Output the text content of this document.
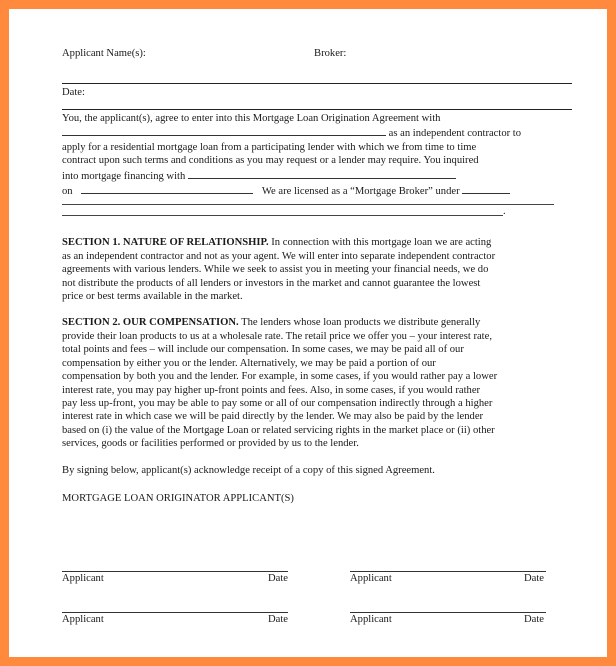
Applicant Name(s):	Broker:
Date:
You, the applicant(s), agree to enter into this Mortgage Loan Origination Agreement with
as an independent contractor to
apply for a residential mortgage loan from a participating lender with which we from time to time
contract upon such terms and conditions as you may request or a lender may require. You inquired
into mortgage financing with
on	We are licensed as a “Mortgage Broker” under
.
SECTION 1. NATURE OF RELATIONSHIP. In connection with this mortgage loan we are acting
as an independent contractor and not as your agent. We will enter into separate independent contractor
agreements with various lenders. While we seek to assist you in meeting your financial needs, we do
not distribute the products of all lenders or investors in the market and cannot guarantee the lowest
price or best terms available in the market.
SECTION 2. OUR COMPENSATION. The lenders whose loan products we distribute generally
provide their loan products to us at a wholesale rate. The retail price we offer you – your interest rate,
total points and fees – will include our compensation. In some cases, we may be paid all of our
compensation by either you or the lender. Alternatively, we may be paid a portion of our
compensation by both you and the lender. For example, in some cases, if you would rather pay a lower
interest rate, you may pay higher up-front points and fees. Also, in some cases, if you would rather
pay less up-front, you may be able to pay some or all of our compensation indirectly through a higher
interest rate in which case we will be paid directly by the lender. We may also be paid by the lender
based on (i) the value of the Mortgage Loan or related servicing rights in the market place or (ii) other
services, goods or facilities performed or provided by us to the lender.
By signing below, applicant(s) acknowledge receipt of a copy of this signed Agreement.
MORTGAGE LOAN ORIGINATOR APPLICANT(S)
Applicant	Date	Applicant	Date
Applicant	Date	Applicant	Date
